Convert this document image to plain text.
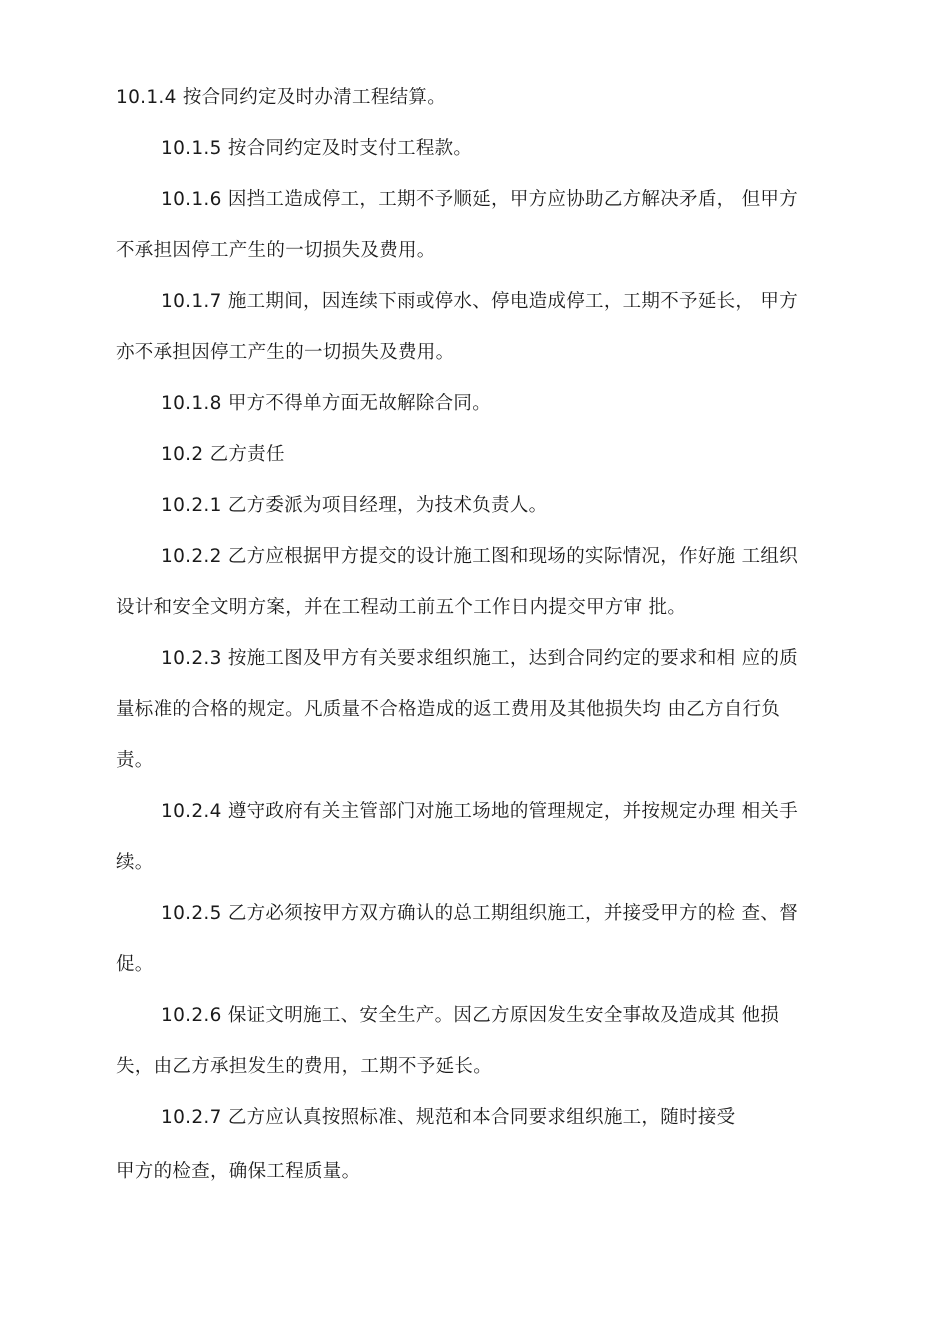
10.1.4 按合同约定及时办清工程结算。
10.1.5 按合同约定及时支付工程款。
10.1.6 因挡工造成停工，工期不予顺延，甲方应协助乙方解决矛盾， 但甲方
不承担因停工产生的一切损失及费用。
10.1.7 施工期间，因连续下雨或停水、停电造成停工，工期不予延长， 甲方
亦不承担因停工产生的一切损失及费用。
10.1.8 甲方不得单方面无故解除合同。
10.2 乙方责任
10.2.1 乙方委派为项目经理，为技术负责人。
10.2.2 乙方应根据甲方提交的设计施工图和现场的实际情况，作好施 工组织
设计和安全文明方案，并在工程动工前五个工作日内提交甲方审 批。
10.2.3 按施工图及甲方有关要求组织施工，达到合同约定的要求和相 应的质
量标准的合格的规定。凡质量不合格造成的返工费用及其他损失均 由乙方自行负
责。
10.2.4 遵守政府有关主管部门对施工场地的管理规定，并按规定办理 相关手
续。
10.2.5 乙方必须按甲方双方确认的总工期组织施工，并接受甲方的检 查、督
促。
10.2.6 保证文明施工、安全生产。因乙方原因发生安全事故及造成其 他损
失，由乙方承担发生的费用，工期不予延长。
10.2.7 乙方应认真按照标准、规范和本合同要求组织施工，随时接受
甲方的检查，确保工程质量。
